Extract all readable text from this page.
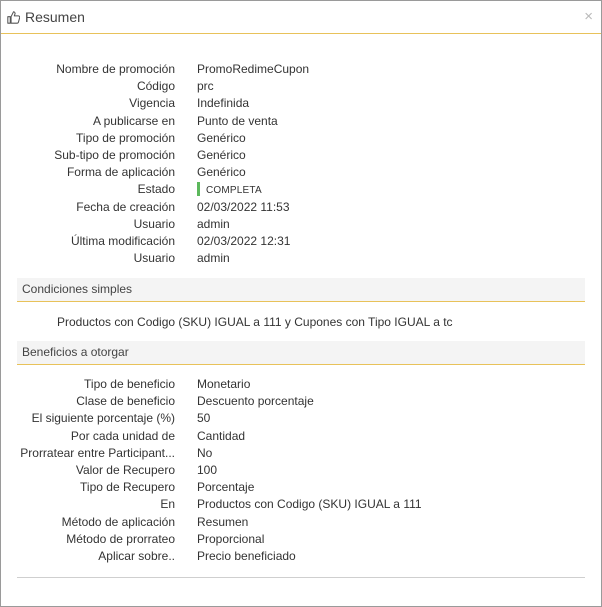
Resumen	×
Nombre de promoción PromoRedimeCupon
Código prc
Vigencia Indefinida
A publicarse en Punto de venta
Tipo de promoción Genérico
Sub-tipo de promoción Genérico
Forma de aplicación Genérico
Estado	COMPLETA
Fecha de creación 02/03/2022 11:53
Usuario admin
Última modificación 02/03/2022 12:31
Usuario admin
Condiciones simples
Productos con Codigo (SKU) IGUAL a 111 y Cupones con Tipo IGUAL a tc
Beneficios a otorgar
Tipo de beneficio Monetario
Clase de beneficio Descuento porcentaje
El siguiente porcentaje (%) 50
Por cada unidad de Cantidad
Prorratear entre Participant... No
Valor de Recupero 100
Tipo de Recupero Porcentaje
En Productos con Codigo (SKU) IGUAL a 111
Método de aplicación Resumen
Método de prorrateo Proporcional
Aplicar sobre.. Precio beneficiado
